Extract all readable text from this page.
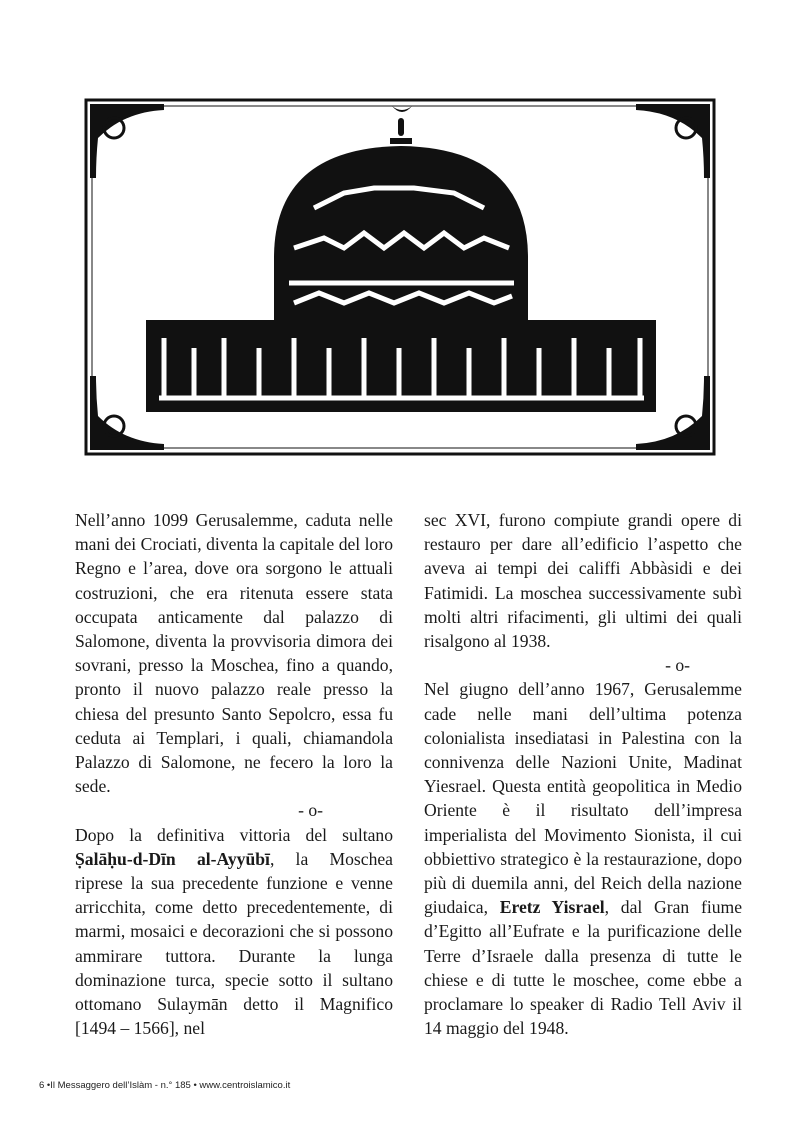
Nell’anno 1099 Gerusalemme, caduta nelle mani dei Crociati, diventa la capitale del loro Regno e l’area, dove ora sorgono le attuali costruzioni, che era ritenuta essere stata occupata anticamente dal palazzo di Salomone, diventa la provvisoria dimora dei sovrani, presso la Moschea, fino a quando, pronto il nuovo palazzo reale presso la chiesa del presunto Santo Sepolcro, essa fu ceduta ai Templari, i quali, chiamandola Palazzo di Salomone, ne fecero la loro la sede.

- o-

Dopo la definitiva vittoria del sultano Ṣalāḥu-d-Dīn al-Ayyūbī, la Moschea riprese la sua precedente funzione e venne arricchita, come detto precedentemente, di marmi, mosaici e decorazioni che si possono ammirare tuttora. Durante la lunga dominazione turca, specie sotto il sultano ottomano Sulaymān detto il Magnifico [1494 – 1566], nel

sec XVI, furono compiute grandi opere di restauro per dare all’edificio l’aspetto che aveva ai tempi dei califfi Abbàsidi e dei Fatimidi. La moschea successivamente subì molti altri rifacimenti, gli ultimi dei quali risalgono al 1938.

- o-

Nel giugno dell’anno 1967, Gerusalemme cade nelle mani dell’ultima potenza colonialista insediatasi in Palestina con la connivenza delle Nazioni Unite, Madinat Yiesrael. Questa entità geopolitica in Medio Oriente è il risultato dell’impresa imperialista del Movimento Sionista, il cui obbiettivo strategico è la restaurazione, dopo più di duemila anni, del Reich della nazione giudaica, Eretz Yisrael, dal Gran fiume d’Egitto all’Eufrate e la purificazione delle Terre d’Israele dalla presenza di tutte le chiese e di tutte le moschee, come ebbe a proclamare lo speaker di Radio Tell Aviv il 14 maggio del 1948.

6 •Il Messaggero dell’Islàm - n.° 185 • www.centroislamico.it
